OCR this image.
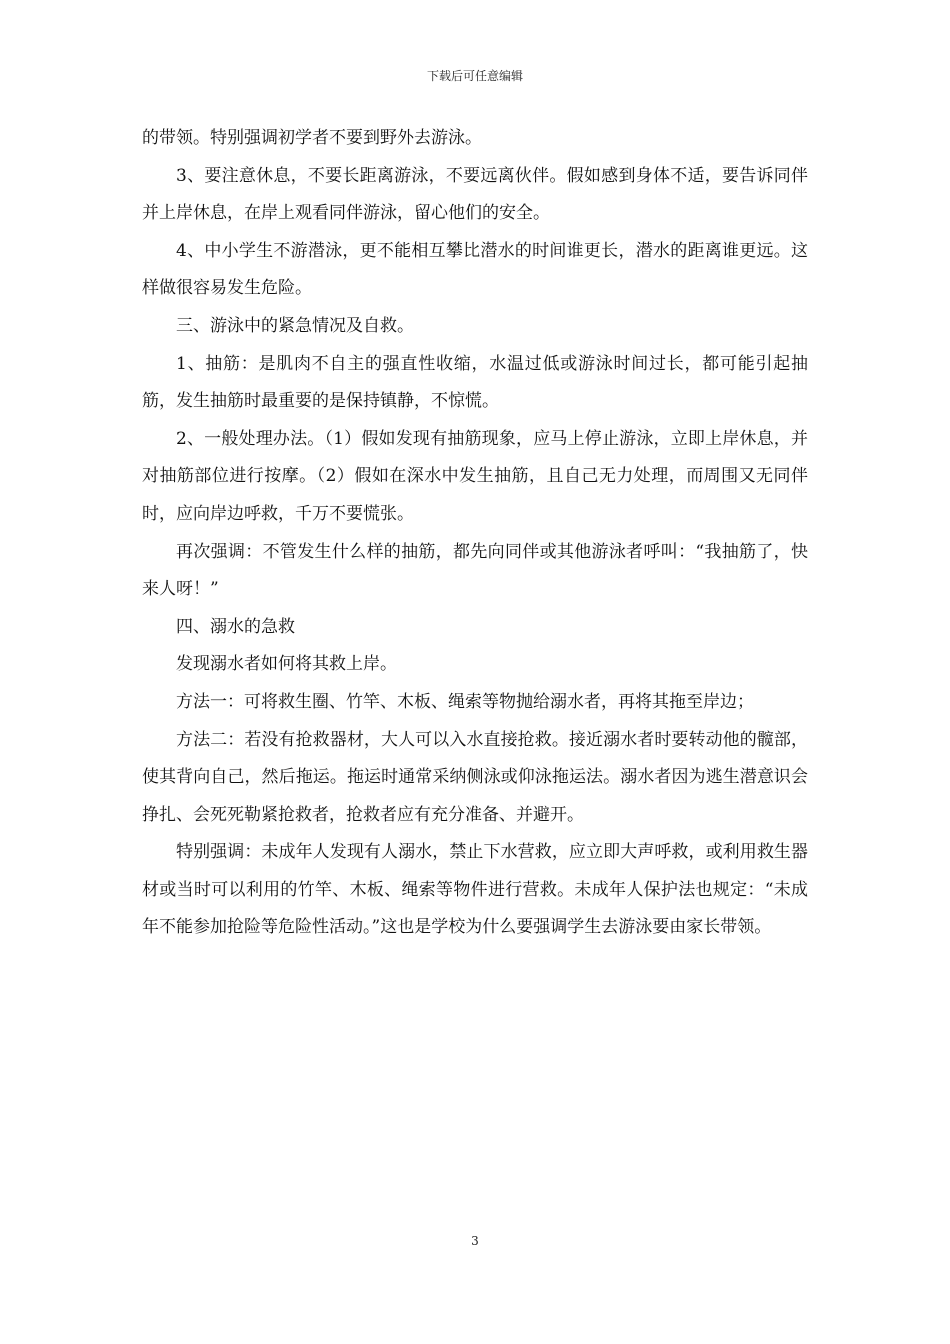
下载后可任意编辑

的带领。特别强调初学者不要到野外去游泳。

3、要注意休息，不要长距离游泳，不要远离伙伴。假如感到身体不适，要告诉同伴并上岸休息，在岸上观看同伴游泳，留心他们的安全。

4、中小学生不游潜泳，更不能相互攀比潜水的时间谁更长，潜水的距离谁更远。这样做很容易发生危险。

三、游泳中的紧急情况及自救。

1、抽筋：是肌肉不自主的强直性收缩，水温过低或游泳时间过长，都可能引起抽筋，发生抽筋时最重要的是保持镇静，不惊慌。

2、一般处理办法。（1）假如发现有抽筋现象，应马上停止游泳，立即上岸休息，并对抽筋部位进行按摩。（2）假如在深水中发生抽筋，且自己无力处理，而周围又无同伴时，应向岸边呼救，千万不要慌张。

再次强调：不管发生什么样的抽筋，都先向同伴或其他游泳者呼叫：“我抽筋了，快来人呀！”

四、溺水的急救

发现溺水者如何将其救上岸。

方法一：可将救生圈、竹竿、木板、绳索等物抛给溺水者，再将其拖至岸边；

方法二：若没有抢救器材，大人可以入水直接抢救。接近溺水者时要转动他的髋部，使其背向自己，然后拖运。拖运时通常采纳侧泳或仰泳拖运法。溺水者因为逃生潜意识会挣扎、会死死勒紧抢救者，抢救者应有充分准备、并避开。

特别强调：未成年人发现有人溺水，禁止下水营救，应立即大声呼救，或利用救生器材或当时可以利用的竹竿、木板、绳索等物件进行营救。未成年人保护法也规定：“未成年不能参加抢险等危险性活动。”这也是学校为什么要强调学生去游泳要由家长带领。

3
